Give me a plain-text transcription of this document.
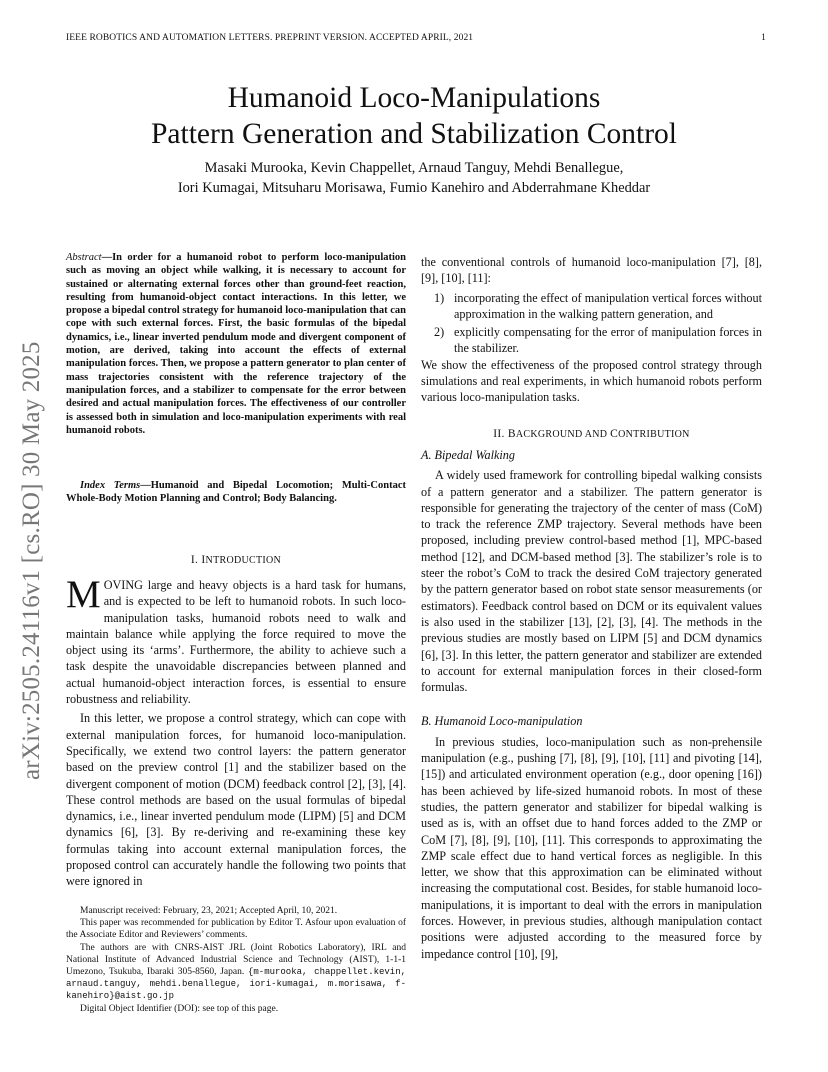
IEEE ROBOTICS AND AUTOMATION LETTERS. PREPRINT VERSION. ACCEPTED APRIL, 2021	1
Humanoid Loco-Manipulations
Pattern Generation and Stabilization Control
Masaki Murooka, Kevin Chappellet, Arnaud Tanguy, Mehdi Benallegue,
Iori Kumagai, Mitsuharu Morisawa, Fumio Kanehiro and Abderrahmane Kheddar
arXiv:2505.24116v1 [cs.RO] 30 May 2025
Abstract—In order for a humanoid robot to perform loco-manipulation such as moving an object while walking, it is necessary to account for sustained or alternating external forces other than ground-feet reaction, resulting from humanoid-object contact interactions. In this letter, we propose a bipedal control strategy for humanoid loco-manipulation that can cope with such external forces. First, the basic formulas of the bipedal dynamics, i.e., linear inverted pendulum mode and divergent component of motion, are derived, taking into account the effects of external manipulation forces. Then, we propose a pattern generator to plan center of mass trajectories consistent with the reference trajectory of the manipulation forces, and a stabilizer to compensate for the error between desired and actual manipulation forces. The effectiveness of our controller is assessed both in simulation and loco-manipulation experiments with real humanoid robots.
Index Terms—Humanoid and Bipedal Locomotion; Multi-Contact Whole-Body Motion Planning and Control; Body Balancing.
I. INTRODUCTION

MOVING large and heavy objects is a hard task for humans, and is expected to be left to humanoid robots. In such loco-manipulation tasks, humanoid robots need to walk and maintain balance while applying the force required to move the object using its ‘arms’. Furthermore, the ability to achieve such a task despite the unavoidable discrepancies between planned and actual humanoid-object interaction forces, is essential to ensure robustness and reliability.

In this letter, we propose a control strategy, which can cope with external manipulation forces, for humanoid loco-manipulation. Specifically, we extend two control layers: the pattern generator based on the preview control [1] and the stabilizer based on the divergent component of motion (DCM) feedback control [2], [3], [4]. These control methods are based on the usual formulas of bipedal dynamics, i.e., linear inverted pendulum mode (LIPM) [5] and DCM dynamics [6], [3]. By re-deriving and re-examining these key formulas taking into account external manipulation forces, the proposed control can accurately handle the following two points that were ignored in

Manuscript received: February, 23, 2021; Accepted April, 10, 2021.

This paper was recommended for publication by Editor T. Asfour upon evaluation of the Associate Editor and Reviewers’ comments.

The authors are with CNRS-AIST JRL (Joint Robotics Laboratory), IRL and National Institute of Advanced Industrial Science and Technology (AIST), 1-1-1 Umezono, Tsukuba, Ibaraki 305-8560, Japan. {m-murooka, chappellet.kevin, arnaud.tanguy, mehdi.benallegue, iori-kumagai, m.morisawa, f-kanehiro}@aist.go.jp

Digital Object Identifier (DOI): see top of this page.

the conventional controls of humanoid loco-manipulation [7], [8], [9], [10], [11]:

1) incorporating the effect of manipulation vertical forces without approximation in the walking pattern generation, and
2) explicitly compensating for the error of manipulation forces in the stabilizer.

We show the effectiveness of the proposed control strategy through simulations and real experiments, in which humanoid robots perform various loco-manipulation tasks.

II. BACKGROUND AND CONTRIBUTION
A. Bipedal Walking

A widely used framework for controlling bipedal walking consists of a pattern generator and a stabilizer. The pattern generator is responsible for generating the trajectory of the center of mass (CoM) to track the reference ZMP trajectory. Several methods have been proposed, including preview control-based method [1], MPC-based method [12], and DCM-based method [3]. The stabilizer’s role is to steer the robot’s CoM to track the desired CoM trajectory generated by the pattern generator based on robot state sensor measurements (or estimators). Feedback control based on DCM or its equivalent values is also used in the stabilizer [13], [2], [3], [4]. The methods in the previous studies are mostly based on LIPM [5] and DCM dynamics [6], [3]. In this letter, the pattern generator and stabilizer are extended to account for external manipulation forces in their closed-form formulas.

B. Humanoid Loco-manipulation

In previous studies, loco-manipulation such as non-prehensile manipulation (e.g., pushing [7], [8], [9], [10], [11] and pivoting [14], [15]) and articulated environment operation (e.g., door opening [16]) has been achieved by life-sized humanoid robots. In most of these studies, the pattern generator and stabilizer for bipedal walking is used as is, with an offset due to hand forces added to the ZMP or CoM [7], [8], [9], [10], [11]. This corresponds to approximating the ZMP scale effect due to hand vertical forces as negligible. In this letter, we show that this approximation can be eliminated without increasing the computational cost. Besides, for stable humanoid loco-manipulations, it is important to deal with the errors in manipulation forces. However, in previous studies, although manipulation contact positions were adjusted according to the measured force by impedance control [10], [9],
